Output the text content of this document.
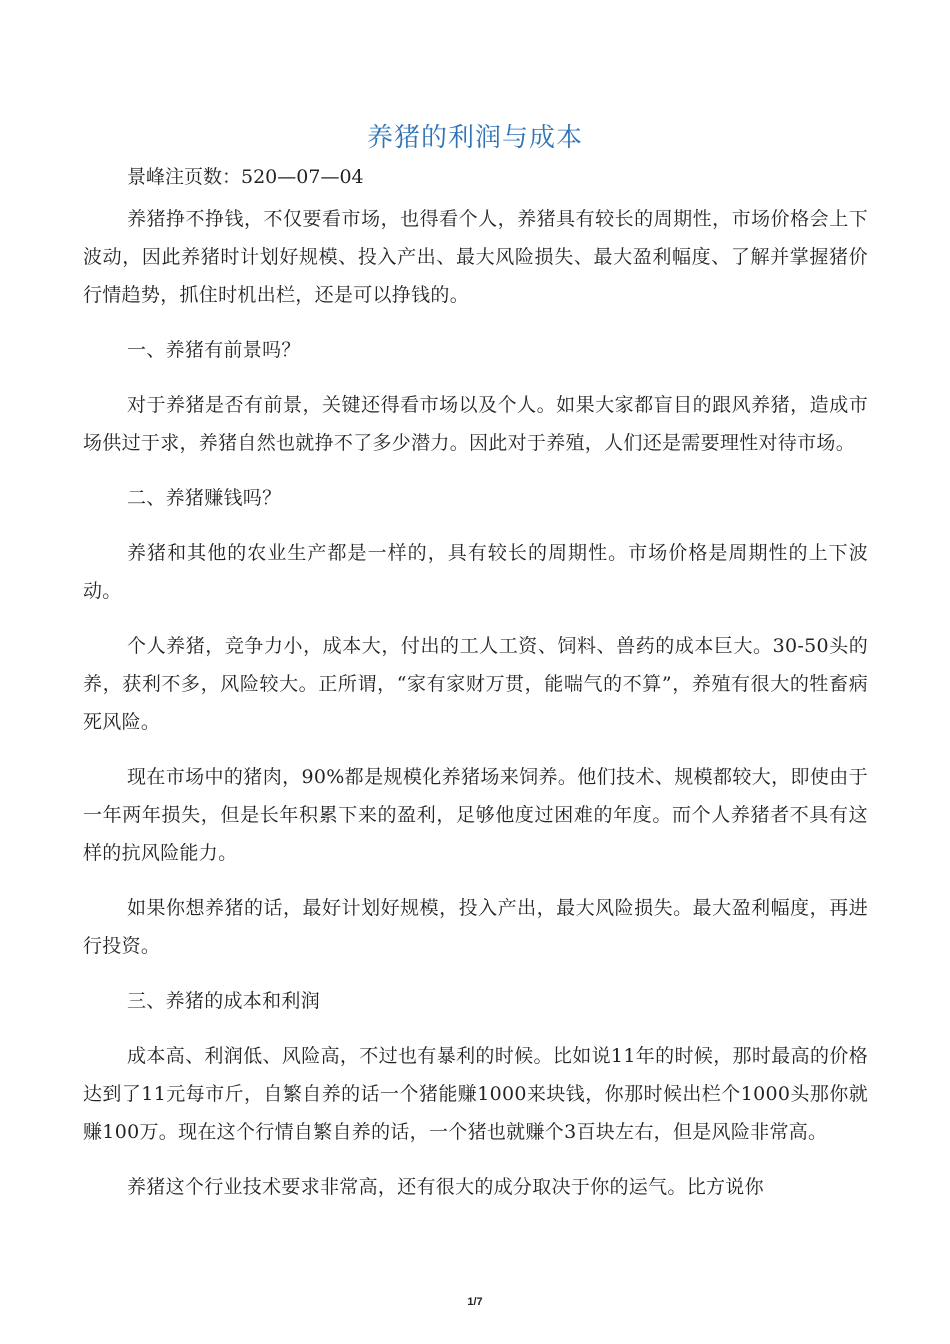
养猪的利润与成本
景峰注页数：520—07—04

养猪挣不挣钱，不仅要看市场，也得看个人，养猪具有较长的周期性，市场价格会上下波动，因此养猪时计划好规模、投入产出、最大风险损失、最大盈利幅度、了解并掌握猪价行情趋势，抓住时机出栏，还是可以挣钱的。

一、养猪有前景吗？

对于养猪是否有前景，关键还得看市场以及个人。如果大家都盲目的跟风养猪，造成市场供过于求，养猪自然也就挣不了多少潜力。因此对于养殖，人们还是需要理性对待市场。

二、养猪赚钱吗？

养猪和其他的农业生产都是一样的，具有较长的周期性。市场价格是周期性的上下波动。

个人养猪，竞争力小，成本大，付出的工人工资、饲料、兽药的成本巨大。30-50头的养，获利不多，风险较大。正所谓，“家有家财万贯，能喘气的不算”，养殖有很大的牲畜病死风险。

现在市场中的猪肉，90%都是规模化养猪场来饲养。他们技术、规模都较大，即使由于一年两年损失，但是长年积累下来的盈利，足够他度过困难的年度。而个人养猪者不具有这样的抗风险能力。

如果你想养猪的话，最好计划好规模，投入产出，最大风险损失。最大盈利幅度，再进行投资。

三、养猪的成本和利润

成本高、利润低、风险高，不过也有暴利的时候。比如说11年的时候，那时最高的价格达到了11元每市斤，自繁自养的话一个猪能赚1000来块钱，你那时候出栏个1000头那你就赚100万。现在这个行情自繁自养的话，一个猪也就赚个3百块左右，但是风险非常高。

养猪这个行业技术要求非常高，还有很大的成分取决于你的运气。比方说你

1/7
